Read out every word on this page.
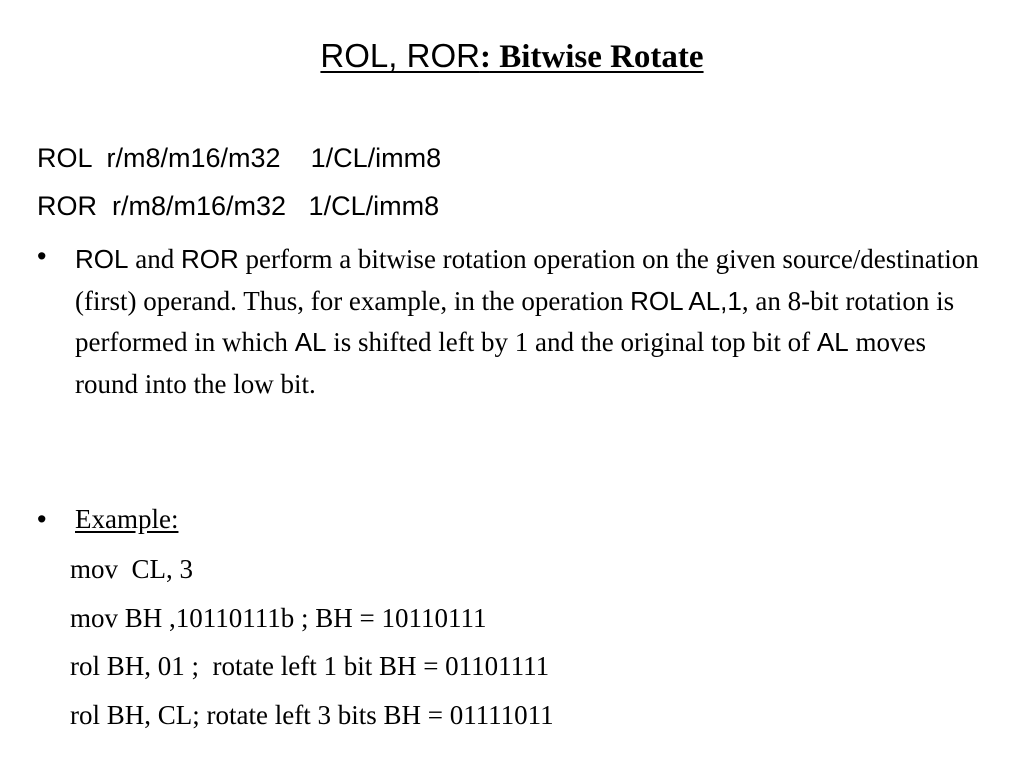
ROL, ROR: Bitwise Rotate
ROL  r/m8/m16/m32    1/CL/imm8
ROR  r/m8/m16/m32   1/CL/imm8
• ROL and ROR perform a bitwise rotation operation on the given source/destination (first) operand. Thus, for example, in the operation ROL AL,1, an 8-bit rotation is performed in which AL is shifted left by 1 and the original top bit of AL moves round into the low bit.
• Example:
mov  CL, 3
mov BH ,10110111b ; BH = 10110111
rol BH, 01 ;  rotate left 1 bit BH = 01101111
rol BH, CL; rotate left 3 bits BH = 01111011
